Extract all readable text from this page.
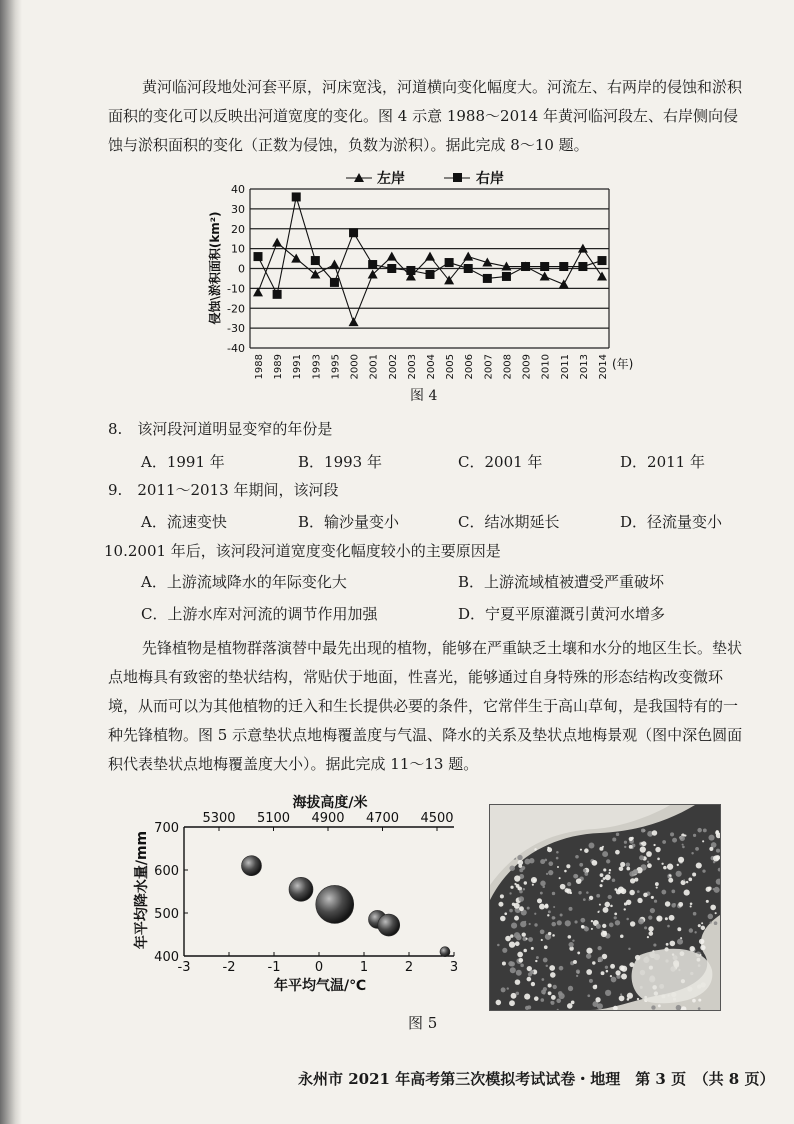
黄河临河段地处河套平原，河床宽浅，河道横向变化幅度大。河流左、右两岸的侵蚀和淤积面积的变化可以反映出河道宽度的变化。图 4 示意 1988～2014 年黄河临河段左、右岸侧向侵蚀与淤积面积的变化（正数为侵蚀，负数为淤积）。据此完成 8～10 题。

40
30
20
10
0
-10
-20
-30
-40
1988 1989 1991 1993 1995 2000 2001 2002 2003 2004 2005 2006 2007 2008 2009 2010 2011 2013 2014 (年)
侵蚀\淤积面积(km²)
左岸	右岸
图 4
8.　 该河段河道明显变窄的年份是
A．1991 年	B．1993 年	C．2001 年	D．2011 年
9.　 2011～2013 年期间，该河段
A．流速变快	B．输沙量变小	C．结冰期延长	D．径流量变小
10.2001 年后，该河段河道宽度变化幅度较小的主要原因是
A．上游流域降水的年际变化大	B．上游流域植被遭受严重破坏
C．上游水库对河流的调节作用加强	D．宁夏平原灌溉引黄河水增多

先锋植物是植物群落演替中最先出现的植物，能够在严重缺乏土壤和水分的地区生长。垫状点地梅具有致密的垫状结构，常贴伏于地面，性喜光，能够通过自身特殊的形态结构改变微环境，从而可以为其他植物的迁入和生长提供必要的条件，它常伴生于高山草甸，是我国特有的一种先锋植物。图 5 示意垫状点地梅覆盖度与气温、降水的关系及垫状点地梅景观（图中深色圆面积代表垫状点地梅覆盖度大小）。据此完成 11～13 题。

700
600
500
400
-3 -2 -1	0	1	2	3
5300 5100 4900 4700 4500
海拔高度/米
年平均气温/℃
年平均降水量/mm
图 5
永州市 2021 年高考第三次模拟考试试卷・地理　第 3 页　（共 8 页）
